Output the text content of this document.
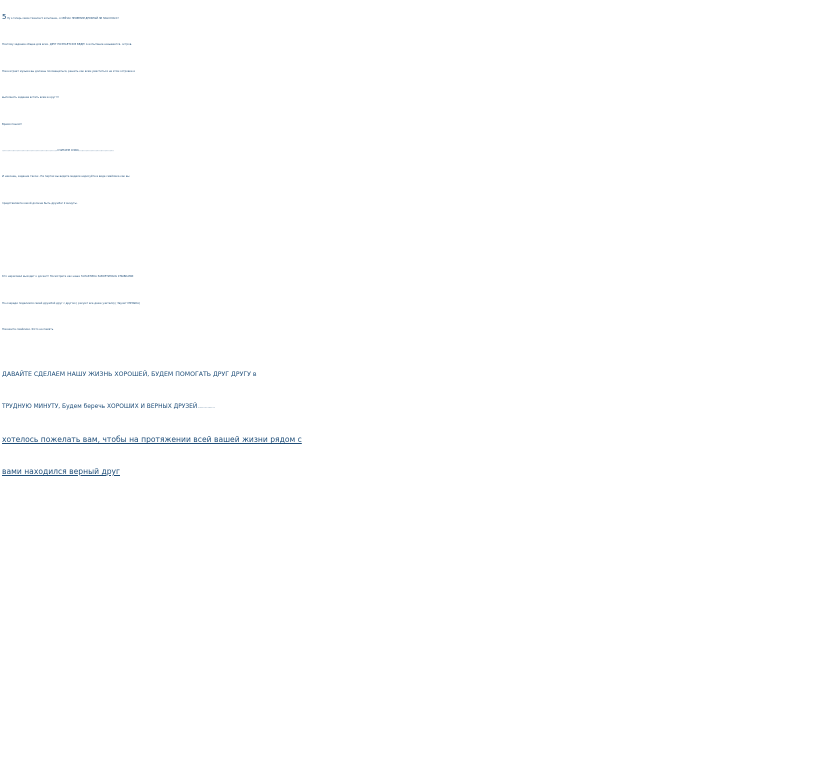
5 Ну а теперь самое тяжелое 5 испытание., А СЕЙЧАС ПРОВЕРИМ ДРУЖНЫЙ ЛИ НАШ КЛАСС?

Поэтому задание общее для всех. ДРУГ ПОЗНАЕТСЯ В БЕДЕ! А испытание называется- остров.

Пока играет музыка вы должны посовещаться, решить как всем уместиться на этом островке и

выполнить задание встать всем в круг!!!

Время пошло!!

,,,,,,,,,,,,,,,,,,,,,,,,,,,,,,,,,,,,,,,,,,,,,,,,,,,,,,,,,,,,,,,,,,,СЧИТАЕМ ОЧКИ,,,,,,,,,,,,,,,,,,,,,,,,,,,,,,,,,,,,,,,,,,,

И наконец, задание такое:. На партах вы видите медали нарисуйте в виде смайлика как вы

представляете какой должна быть дружба! 2 минуты.

Кто нарисовал выходит к доске!!! Посмотрите как наша ГАЛАКТИКА ЗАВСЕТИЛАСЬ УЛЫБКАМИ

По-очереди поделимся своей дружбой друг с другом ( рисуют все даже учителя) ( Звучит МУЗЫКА)

Покажите смайлики. Фото на память

ДАВАЙТЕ СДЕЛАЕМ НАШУ ЖИЗНЬ ХОРОШЕЙ, БУДЕМ ПОМОГАТЬ ДРУГ ДРУГУ в

ТРУДНУЮ МИНУТУ, Будем беречь ХОРОШИХ И ВЕРНЫХ ДРУЗЕЙ. В заключение, ребята, мне

хотелось пожелать вам, чтобы на протяжении всей вашей жизни рядом с

вами находился верный друг
